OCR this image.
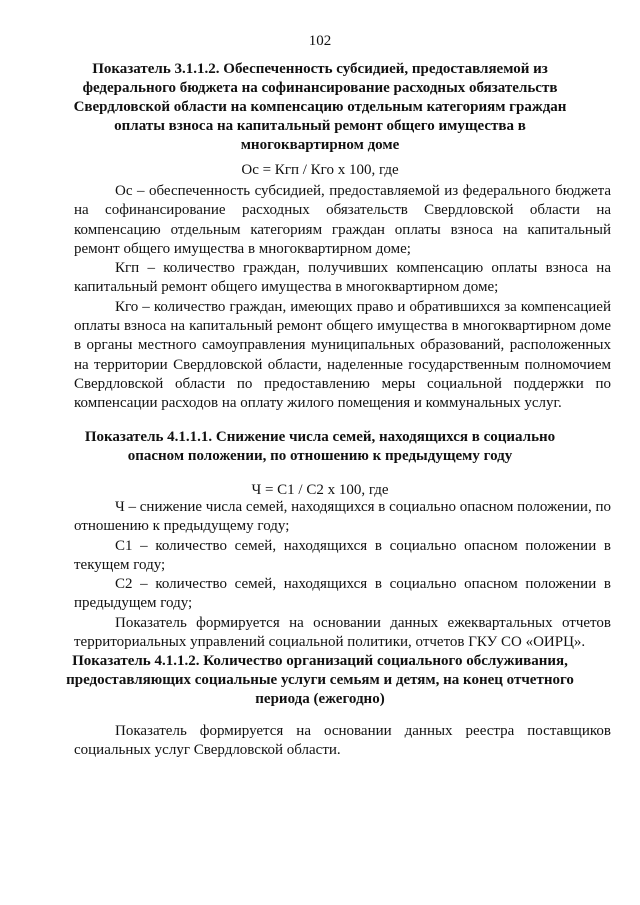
102
Показатель 3.1.1.2. Обеспеченность субсидией, предоставляемой из федерального бюджета на софинансирование расходных обязательств Свердловской области на компенсацию отдельным категориям граждан оплаты взноса на капитальный ремонт общего имущества в многоквартирном доме
Ос = Кгп / Кго х 100, где

Ос – обеспеченность субсидией, предоставляемой из федерального бюджета на софинансирование расходных обязательств Свердловской области на компенсацию отдельным категориям граждан оплаты взноса на капитальный ремонт общего имущества в многоквартирном доме;

Кгп – количество граждан, получивших компенсацию оплаты взноса на капитальный ремонт общего имущества в многоквартирном доме;

Кго – количество граждан, имеющих право и обратившихся за компенсацией оплаты взноса на капитальный ремонт общего имущества в многоквартирном доме в органы местного самоуправления муниципальных образований, расположенных на территории Свердловской области, наделенные государственным полномочием Свердловской области по предоставлению меры социальной поддержки по компенсации расходов на оплату жилого помещения и коммунальных услуг.

Показатель 4.1.1.1. Снижение числа семей, находящихся в социально опасном положении, по отношению к предыдущему году
Ч = С1 / С2 х 100, где

Ч – снижение числа семей, находящихся в социально опасном положении, по отношению к предыдущему году;

С1 – количество семей, находящихся в социально опасном положении в текущем году;

С2 – количество семей, находящихся в социально опасном положении в предыдущем году;

Показатель формируется на основании данных ежеквартальных отчетов территориальных управлений социальной политики, отчетов ГКУ СО «ОИРЦ».

Показатель 4.1.1.2. Количество организаций социального обслуживания, предоставляющих социальные услуги семьям и детям, на конец отчетного периода (ежегодно)

Показатель формируется на основании данных реестра поставщиков социальных услуг Свердловской области.
